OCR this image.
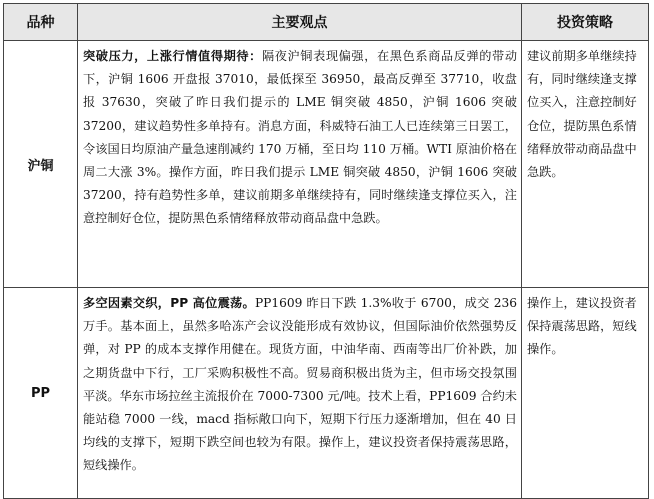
品种	主要观点	投资策略
沪铜	突破压力，上涨行情值得期待：隔夜沪铜表现偏强，在黑色系商品反弹的带动下，沪铜 1606 开盘报 37010，最低探至 36950，最高反弹至 37710，收盘报 37630，突破了昨日我们提示的 LME 铜突破 4850，沪铜 1606 突破 37200，建议趋势性多单持有。消息方面，科威特石油工人已连续第三日罢工，令该国日均原油产量急速削减约 170 万桶，至日均 110 万桶。WTI 原油价格在周二大涨 3%。操作方面，昨日我们提示 LME 铜突破 4850，沪铜 1606 突破 37200，持有趋势性多单，建议前期多单继续持有，同时继续逢支撑位买入，注意控制好仓位，提防黑色系情绪释放带动商品盘中急跌。	建议前期多单继续持有，同时继续逢支撑位买入，注意控制好仓位，提防黑色系情绪释放带动商品盘中急跌。
PP	多空因素交织，PP 高位震荡。PP1609 昨日下跌 1.3%收于 6700，成交 236 万手。基本面上，虽然多哈冻产会议没能形成有效协议，但国际油价依然强势反弹，对 PP 的成本支撑作用健在。现货方面，中油华南、西南等出厂价补跌，加之期货盘中下行，工厂采购积极性不高。贸易商积极出货为主，但市场交投氛围平淡。华东市场拉丝主流报价在 7000-7300 元/吨。技术上看，PP1609 合约未能站稳 7000 一线，macd 指标敞口向下，短期下行压力逐渐增加，但在 40 日均线的支撑下，短期下跌空间也较为有限。操作上，建议投资者保持震荡思路，短线操作。	操作上，建议投资者保持震荡思路，短线操作。
